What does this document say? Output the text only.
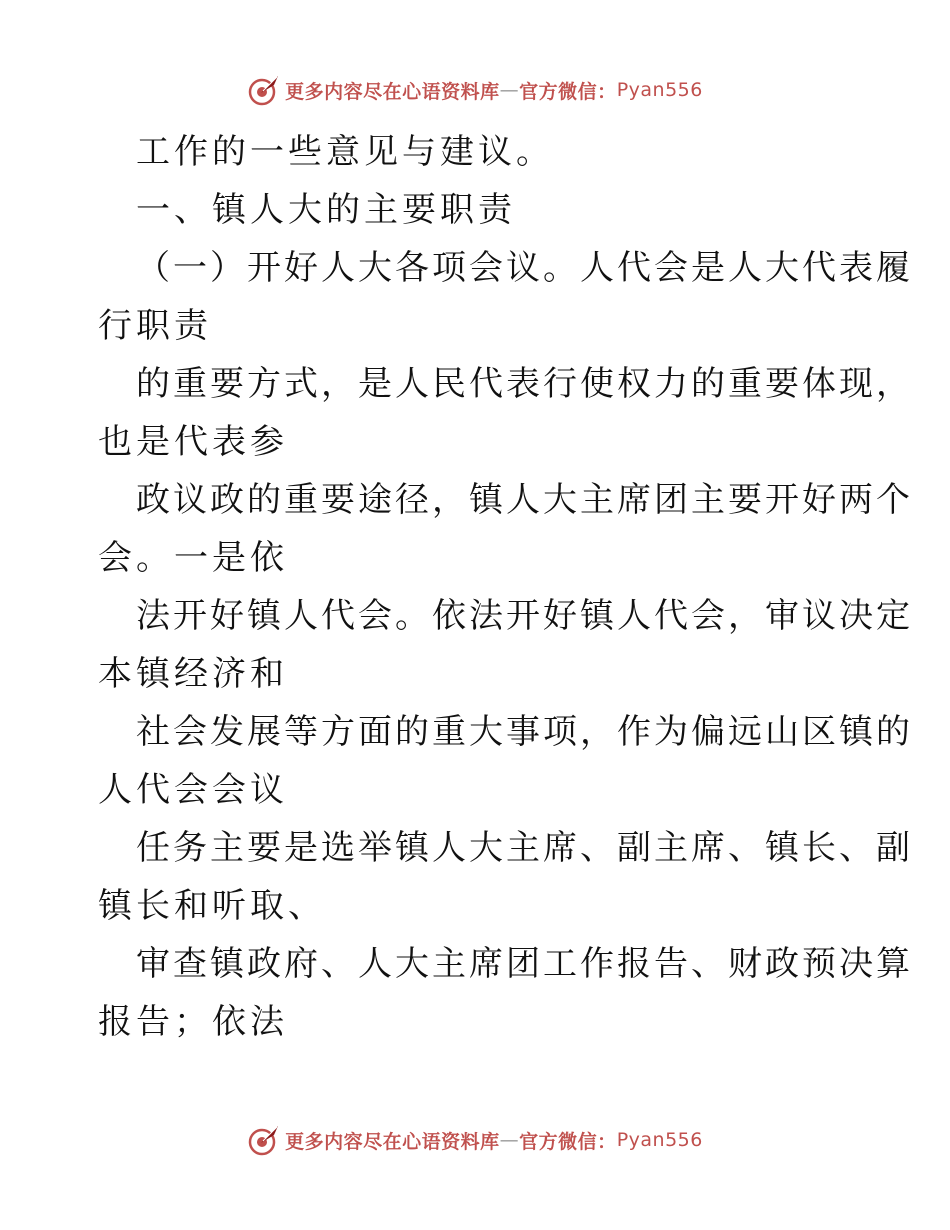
更多内容尽在心语资料库 — 官方微信： Pyan556
工作的一些意见与建议。
一、镇人大的主要职责
（一）开好人大各项会议。人代会是人大代表履
行职责
的重要方式，是人民代表行使权力的重要体现，
也是代表参
政议政的重要途径，镇人大主席团主要开好两个
会。一是依
法开好镇人代会。依法开好镇人代会，审议决定
本镇经济和
社会发展等方面的重大事项，作为偏远山区镇的
人代会会议
任务主要是选举镇人大主席、副主席、镇长、副
镇长和听取、
审查镇政府、人大主席团工作报告、财政预决算
报告；依法
更多内容尽在心语资料库 — 官方微信： Pyan556
